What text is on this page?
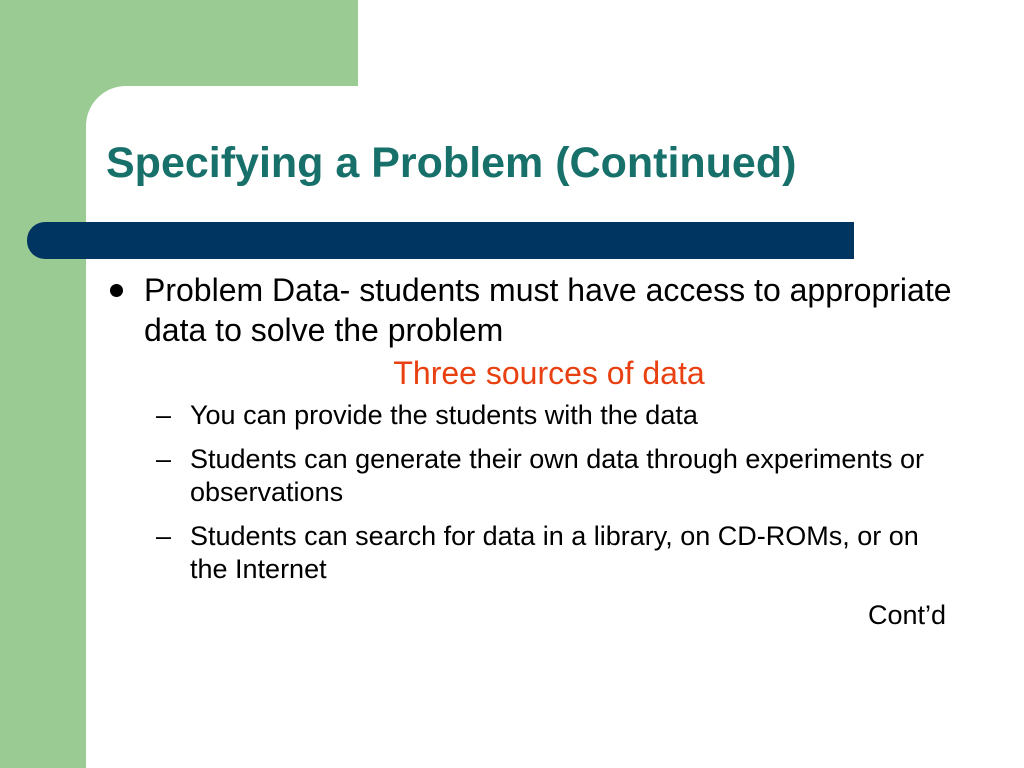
Specifying a Problem (Continued)
Problem Data- students must have access to appropriate data to solve the problem
Three sources of data
– You can provide the students with the data
– Students can generate their own data through experiments or observations
– Students can search for data in a library, on CD-ROMs, or on the Internet
Cont’d
